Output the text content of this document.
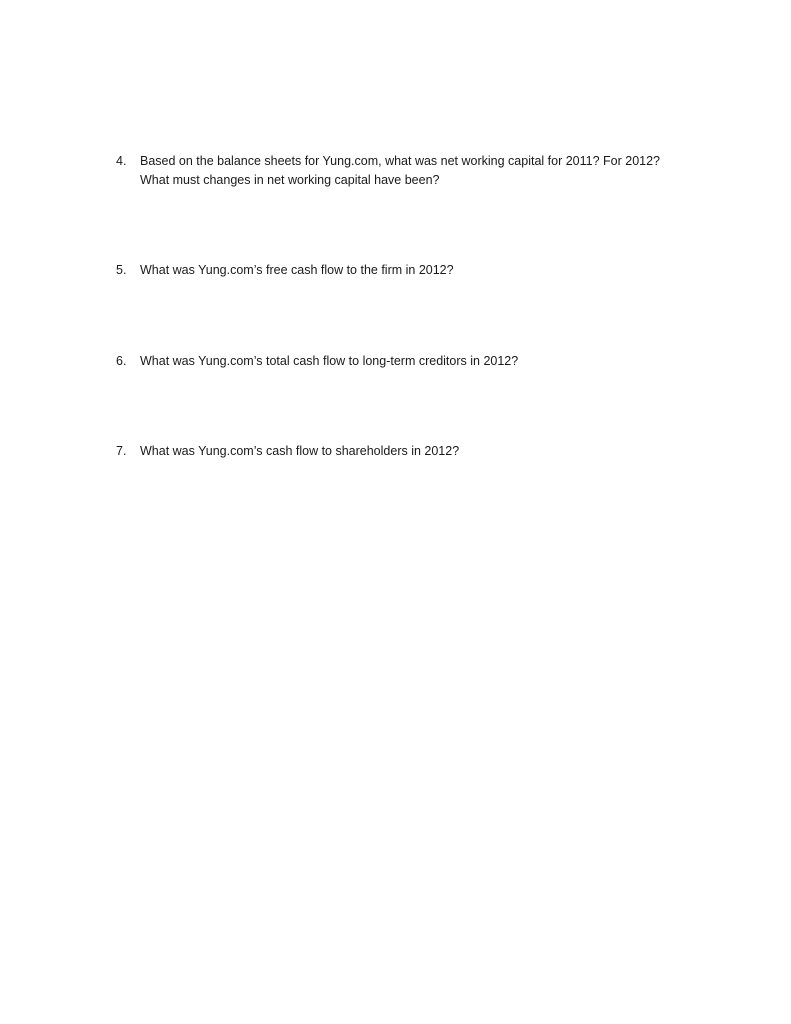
4.	Based on the balance sheets for Yung.com, what was net working capital for 2011? For 2012?
What must changes in net working capital have been?
5.	What was Yung.com’s free cash flow to the firm in 2012?
6.	What was Yung.com’s total cash flow to long-term creditors in 2012?
7.	What was Yung.com’s cash flow to shareholders in 2012?
